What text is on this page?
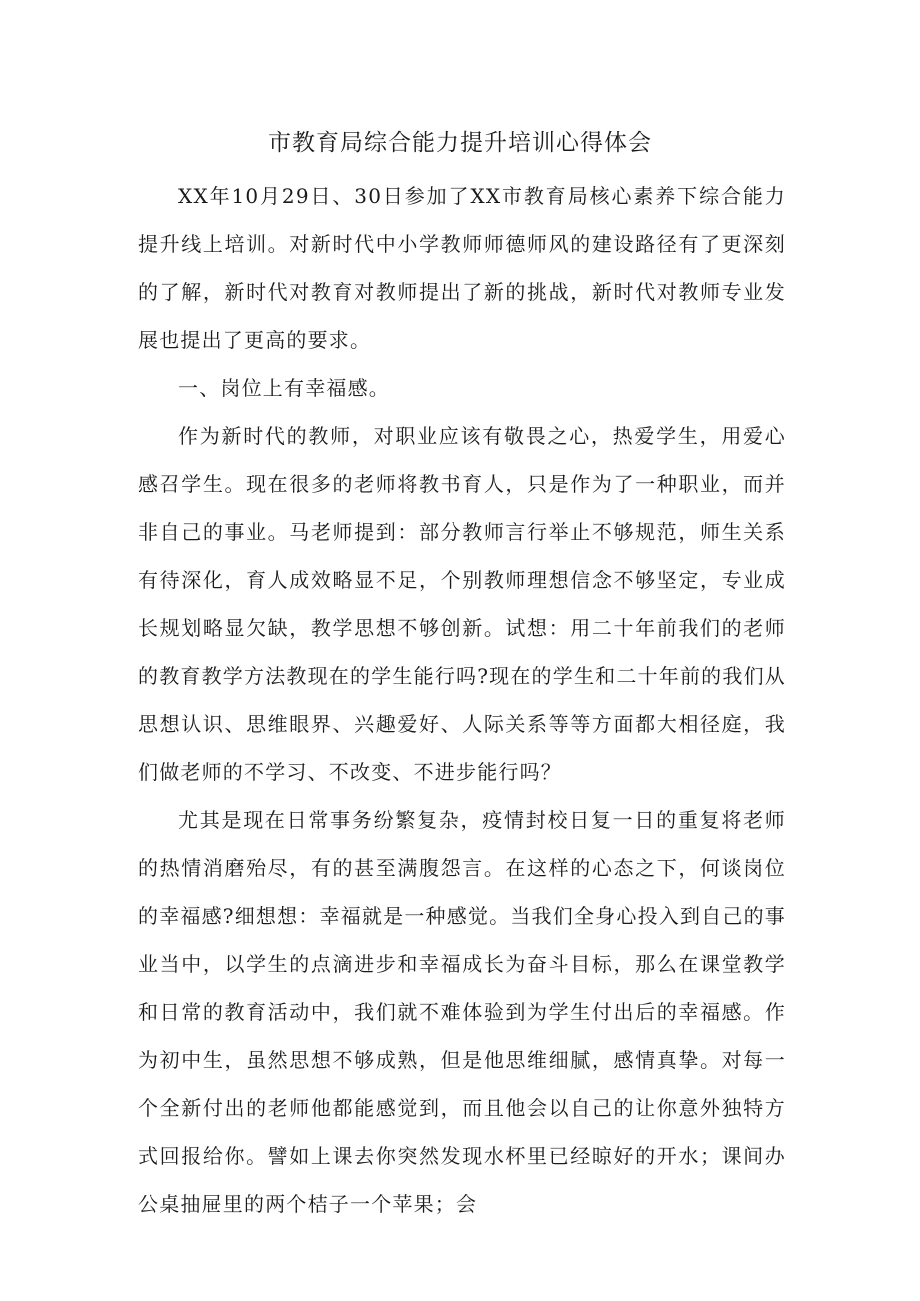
市教育局综合能力提升培训心得体会

XX年10月29日、30日参加了XX市教育局核心素养下综合能力提升线上培训。对新时代中小学教师师德师风的建设路径有了更深刻的了解，新时代对教育对教师提出了新的挑战，新时代对教师专业发展也提出了更高的要求。

一、岗位上有幸福感。

作为新时代的教师，对职业应该有敬畏之心，热爱学生，用爱心感召学生。现在很多的老师将教书育人，只是作为了一种职业，而并非自己的事业。马老师提到：部分教师言行举止不够规范，师生关系有待深化，育人成效略显不足，个别教师理想信念不够坚定，专业成长规划略显欠缺，教学思想不够创新。试想：用二十年前我们的老师的教育教学方法教现在的学生能行吗?现在的学生和二十年前的我们从思想认识、思维眼界、兴趣爱好、人际关系等等方面都大相径庭，我们做老师的不学习、不改变、不进步能行吗？

尤其是现在日常事务纷繁复杂，疫情封校日复一日的重复将老师的热情消磨殆尽，有的甚至满腹怨言。在这样的心态之下，何谈岗位的幸福感?细想想：幸福就是一种感觉。当我们全身心投入到自己的事业当中，以学生的点滴进步和幸福成长为奋斗目标，那么在课堂教学和日常的教育活动中，我们就不难体验到为学生付出后的幸福感。作为初中生，虽然思想不够成熟，但是他思维细腻，感情真挚。对每一个全新付出的老师他都能感觉到，而且他会以自己的让你意外独特方式回报给你。譬如上课去你突然发现水杯里已经晾好的开水；课间办公桌抽屉里的两个桔子一个苹果；会
